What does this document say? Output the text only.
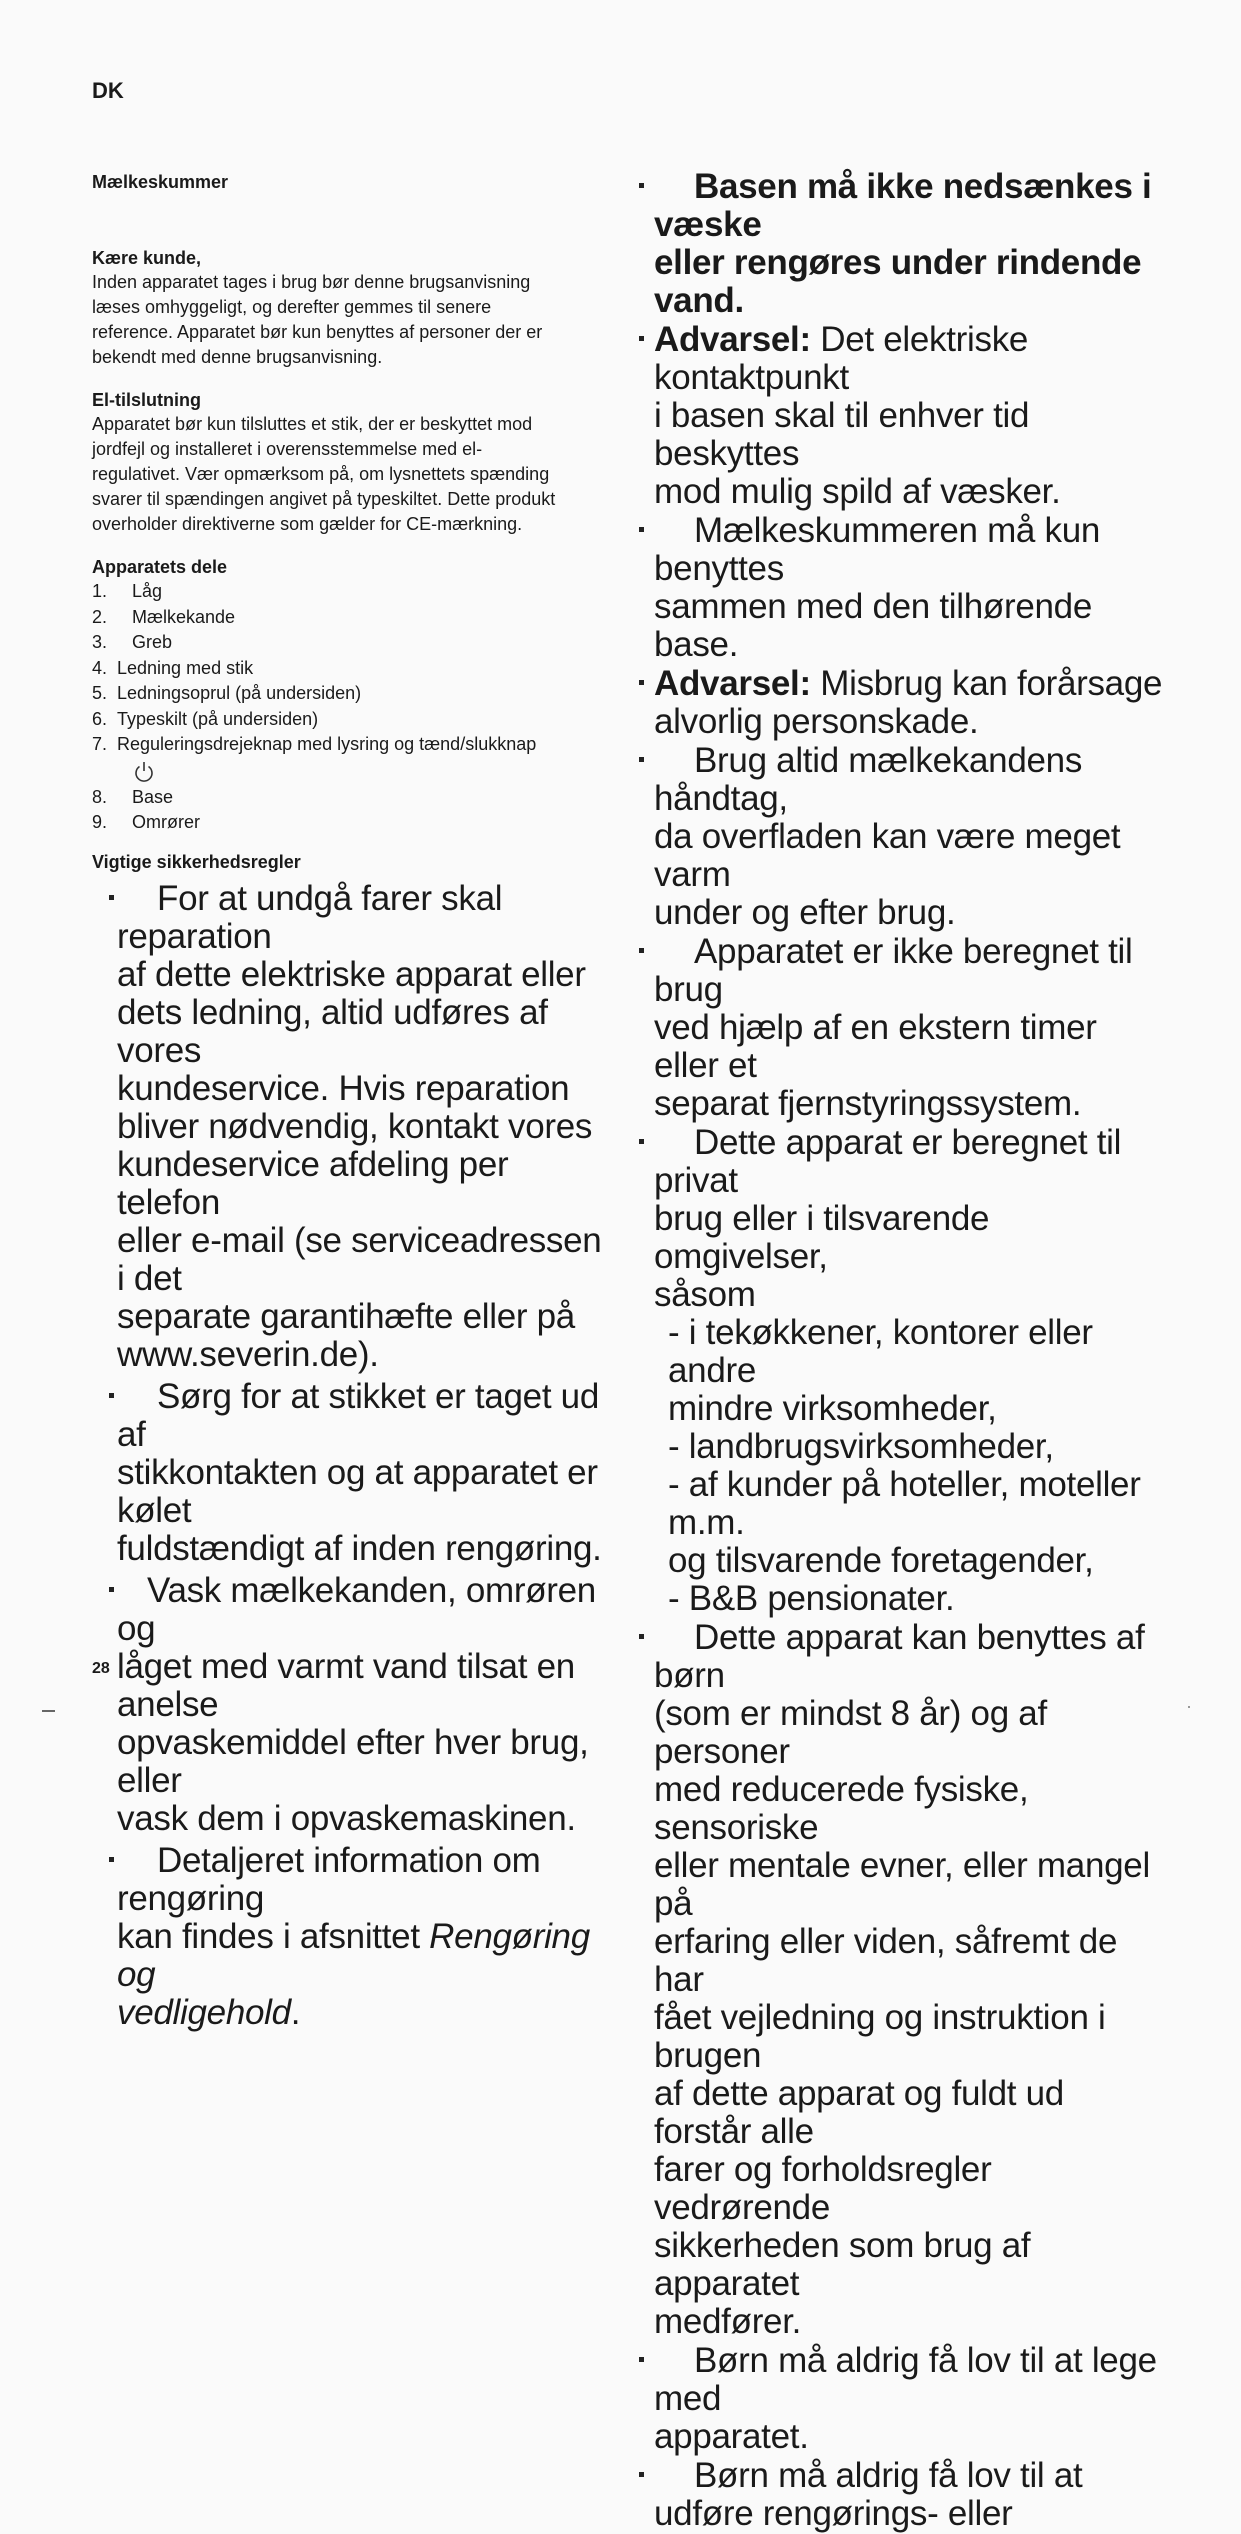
DK

Mælkeskummer

Kære kunde,

Inden apparatet tages i brug bør denne brugsanvisning

læses omhyggeligt, og derefter gemmes til senere

reference. Apparatet bør kun benyttes af personer der er

bekendt med denne brugsanvisning.

El-tilslutning

Apparatet bør kun tilsluttes et stik, der er beskyttet mod

jordfejl og installeret i overensstemmelse med el-

regulativet. Vær opmærksom på, om lysnettets spænding

svarer til spændingen angivet på typeskiltet. Dette produkt

overholder direktiverne som gælder for CE-mærkning.

Apparatets dele

1. Låg
2. Mælkekande
3. Greb
4. Ledning med stik
5. Ledningsoprul (på undersiden)
6. Typeskilt (på undersiden)
7. Reguleringsdrejeknap med lysring og tænd/slukknap
8. Base
9. Omrører

Vigtige sikkerhedsregler

For at undgå farer skal reparation

af dette elektriske apparat eller

dets ledning, altid udføres af vores

kundeservice. Hvis reparation

bliver nødvendig, kontakt vores

kundeservice afdeling per telefon

eller e-mail (se serviceadressen i det

separate garantihæfte eller på

www.severin.de).

Sørg for at stikket er taget ud af

stikkontakten og at apparatet er kølet

fuldstændigt af inden rengøring.

Vask mælkekanden, omrøren og

låget med varmt vand tilsat en anelse

opvaskemiddel efter hver brug, eller

vask dem i opvaskemaskinen.

Detaljeret information om rengøring

kan findes i afsnittet Rengøring og

vedligehold.

Basen må ikke nedsænkes i væske

eller rengøres under rindende vand.

Advarsel: Det elektriske kontaktpunkt

i basen skal til enhver tid beskyttes

mod mulig spild af væsker.

Mælkeskummeren må kun benyttes

sammen med den tilhørende base.

Advarsel: Misbrug kan forårsage

alvorlig personskade.

Brug altid mælkekandens håndtag,

da overfladen kan være meget varm

under og efter brug.

Apparatet er ikke beregnet til brug

ved hjælp af en ekstern timer eller et

separat fjernstyringssystem.

Dette apparat er beregnet til privat

brug eller i tilsvarende omgivelser,

såsom

- i tekøkkener, kontorer eller andre

mindre virksomheder,

- landbrugsvirksomheder,

- af kunder på hoteller, moteller m.m.

og tilsvarende foretagender,

- B&B pensionater.

Dette apparat kan benyttes af børn

(som er mindst 8 år) og af personer

med reducerede fysiske, sensoriske

eller mentale evner, eller mangel på

erfaring eller viden, såfremt de har

fået vejledning og instruktion i brugen

af dette apparat og fuldt ud forstår alle

farer og forholdsregler vedrørende

sikkerheden som brug af apparatet

medfører.

Børn må aldrig få lov til at lege med

apparatet.

Børn må aldrig få lov til at

udføre rengørings- eller

28
